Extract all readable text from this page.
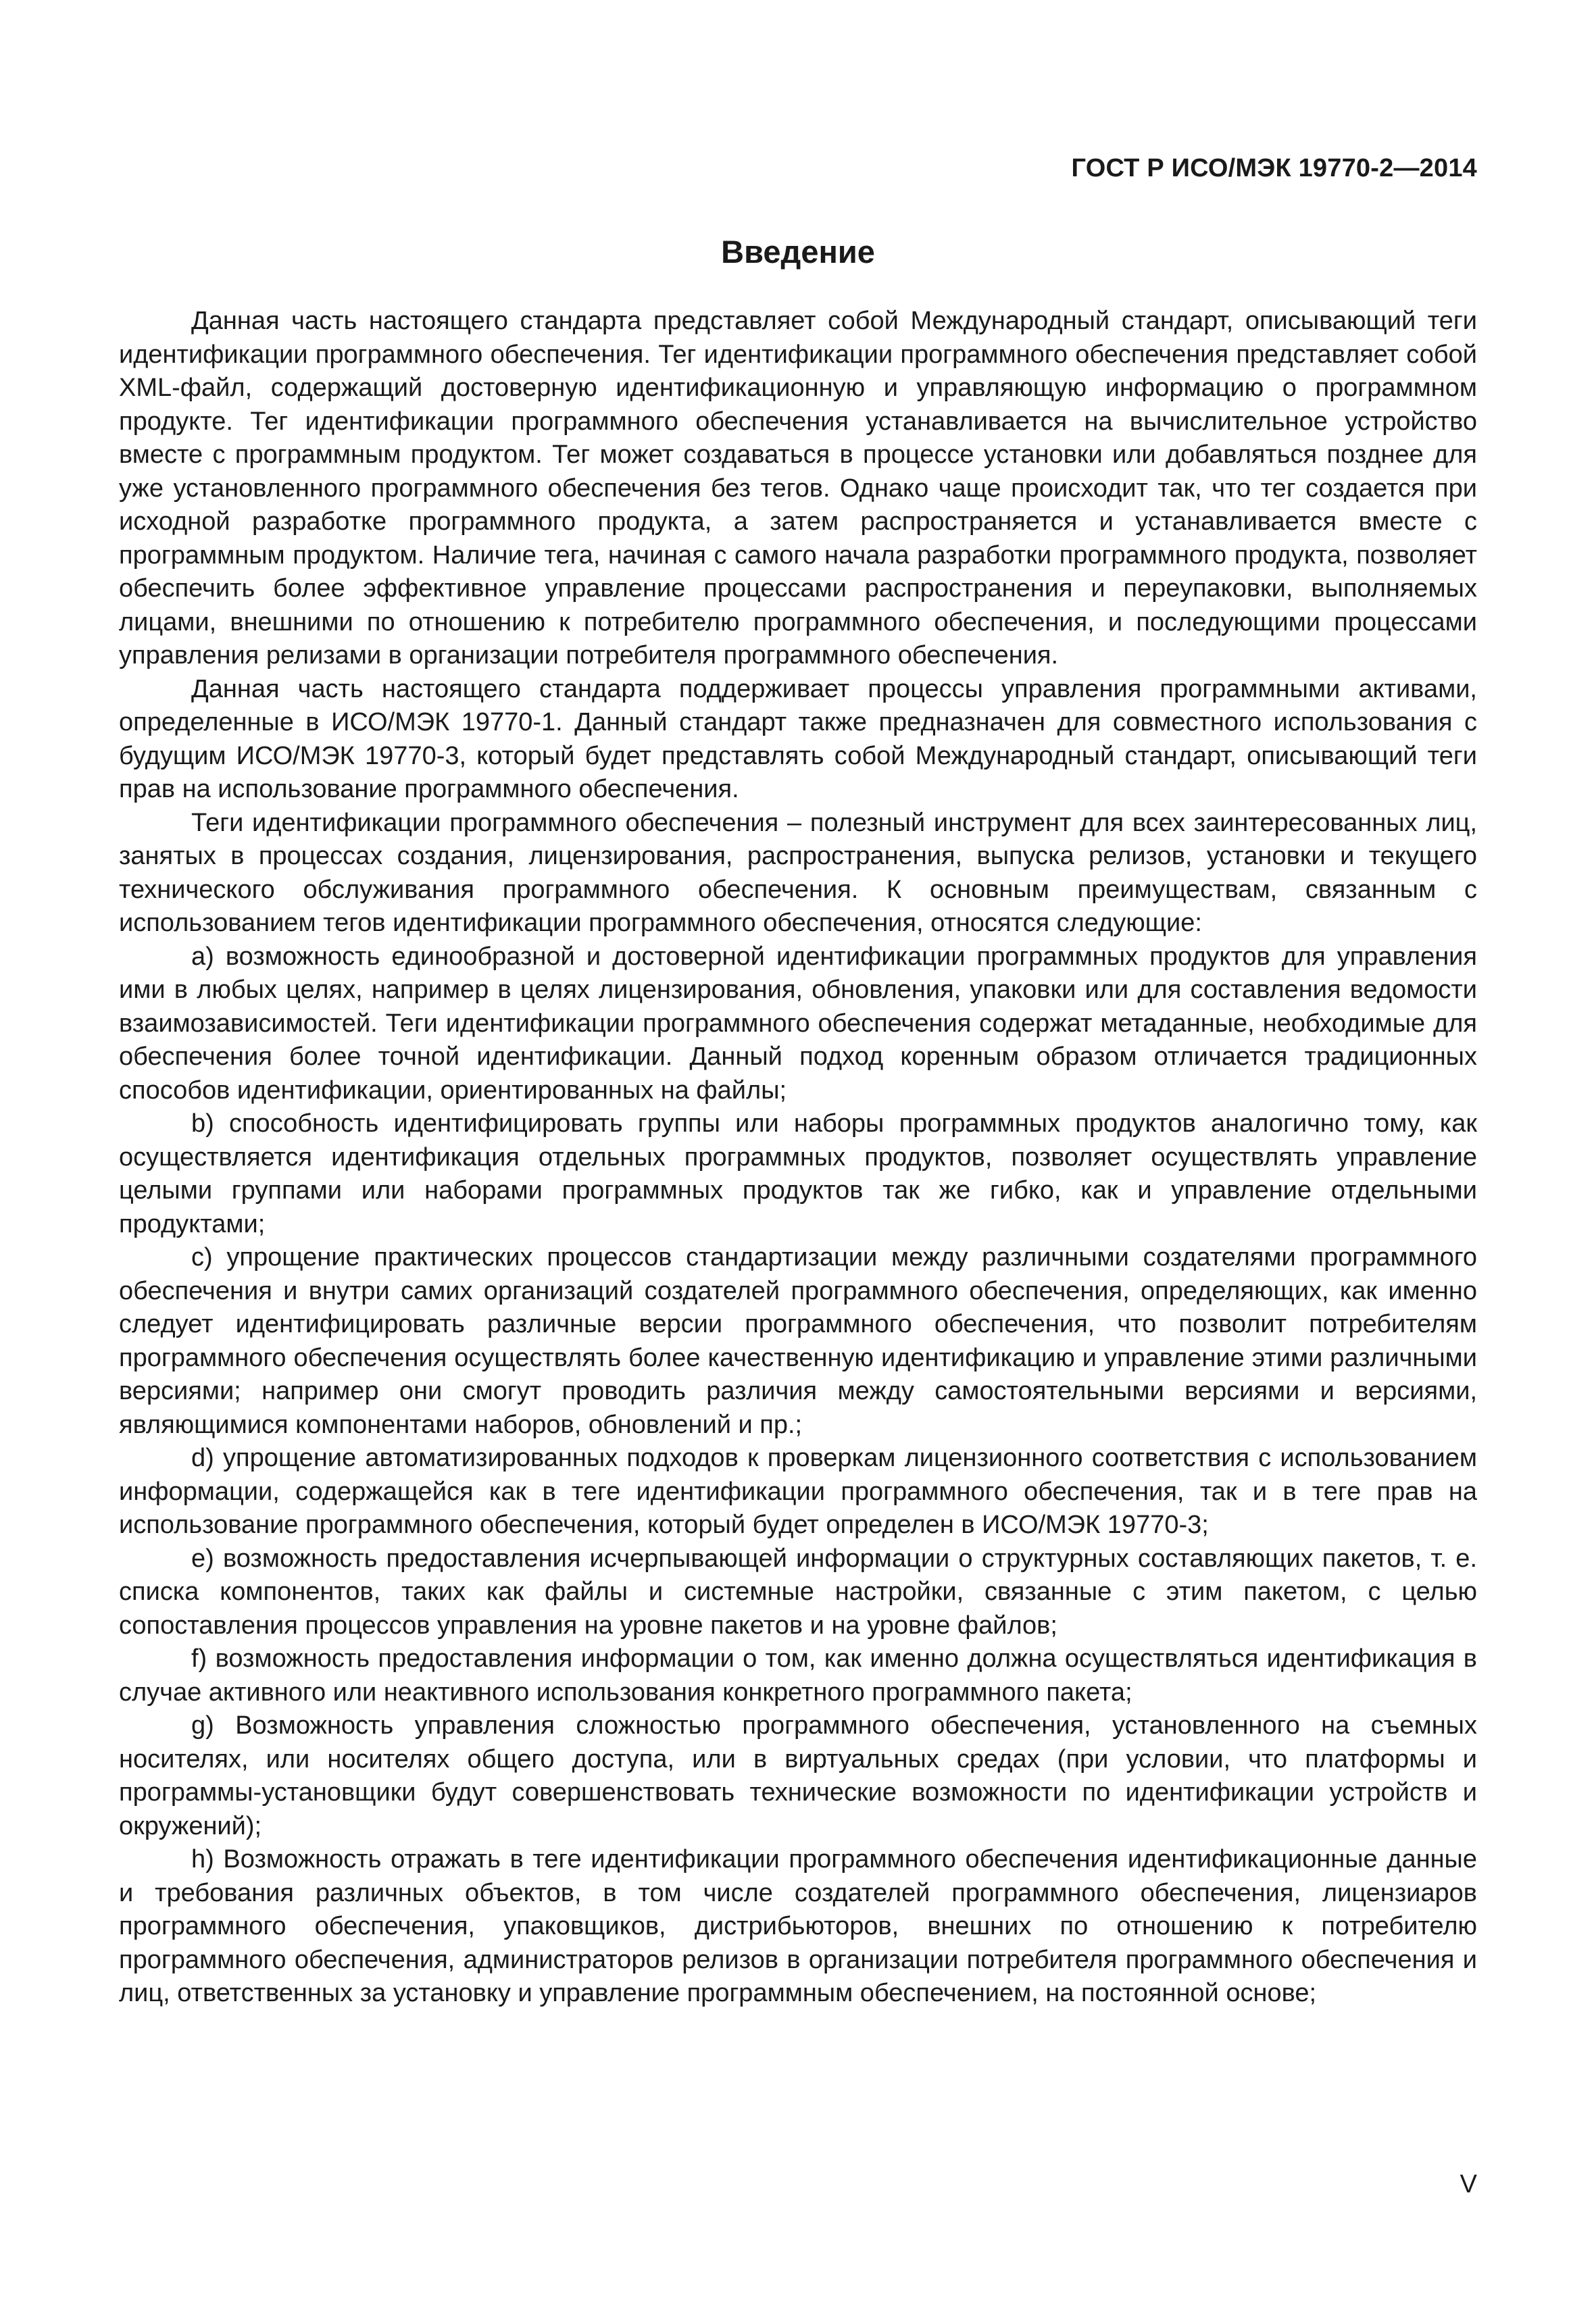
ГОСТ Р ИСО/МЭК 19770-2—2014
Введение

Данная часть настоящего стандарта представляет собой Международный стандарт, описывающий теги идентификации программного обеспечения. Тег идентификации программного обеспечения представляет собой XML-файл, содержащий достоверную идентификационную и управляющую информацию о программном продукте. Тег идентификации программного обеспечения устанавливается на вычислительное устройство вместе с программным продуктом. Тег может создаваться в процессе установки или добавляться позднее для уже установленного программного обеспечения без тегов. Однако чаще происходит так, что тег создается при исходной разработке программного продукта, а затем распространяется и устанавливается вместе с программным продуктом. Наличие тега, начиная с самого начала разработки программного продукта, позволяет обеспечить более эффективное управление процессами распространения и переупаковки, выполняемых лицами, внешними по отношению к потребителю программного обеспечения, и последующими процессами управления релизами в организации потребителя программного обеспечения.

Данная часть настоящего стандарта поддерживает процессы управления программными активами, определенные в ИСО/МЭК 19770-1. Данный стандарт также предназначен для совместного использования с будущим ИСО/МЭК 19770-3, который будет представлять собой Международный стандарт, описывающий теги прав на использование программного обеспечения.

Теги идентификации программного обеспечения – полезный инструмент для всех заинтересованных лиц, занятых в процессах создания, лицензирования, распространения, выпуска релизов, установки и текущего технического обслуживания программного обеспечения. К основным преимуществам, связанным с использованием тегов идентификации программного обеспечения, относятся следующие:

a) возможность единообразной и достоверной идентификации программных продуктов для управления ими в любых целях, например в целях лицензирования, обновления, упаковки или для составления ведомости взаимозависимостей. Теги идентификации программного обеспечения содержат метаданные, необходимые для обеспечения более точной идентификации. Данный подход коренным образом отличается традиционных способов идентификации, ориентированных на файлы;

b) способность идентифицировать группы или наборы программных продуктов аналогично тому, как осуществляется идентификация отдельных программных продуктов, позволяет осуществлять управление целыми группами или наборами программных продуктов так же гибко, как и управление отдельными продуктами;

c) упрощение практических процессов стандартизации между различными создателями программного обеспечения и внутри самих организаций создателей программного обеспечения, определяющих, как именно следует идентифицировать различные версии программного обеспечения, что позволит потребителям программного обеспечения осуществлять более качественную идентификацию и управление этими различными версиями; например они смогут проводить различия между самостоятельными версиями и версиями, являющимися компонентами наборов, обновлений и пр.;

d) упрощение автоматизированных подходов к проверкам лицензионного соответствия с использованием информации, содержащейся как в теге идентификации программного обеспечения, так и в теге прав на использование программного обеспечения, который будет определен в ИСО/МЭК 19770-3;

e) возможность предоставления исчерпывающей информации о структурных составляющих пакетов, т. е. списка компонентов, таких как файлы и системные настройки, связанные с этим пакетом, с целью сопоставления процессов управления на уровне пакетов и на уровне файлов;

f) возможность предоставления информации о том, как именно должна осуществляться идентификация в случае активного или неактивного использования конкретного программного пакета;

g) Возможность управления сложностью программного обеспечения, установленного на съемных носителях, или носителях общего доступа, или в виртуальных средах (при условии, что платформы и программы-установщики будут совершенствовать технические возможности по идентификации устройств и окружений);

h) Возможность отражать в теге идентификации программного обеспечения идентификационные данные и требования различных объектов, в том числе создателей программного обеспечения, лицензиаров программного обеспечения, упаковщиков, дистрибьюторов, внешних по отношению к потребителю программного обеспечения, администраторов релизов в организации потребителя программного обеспечения и лиц, ответственных за установку и управление программным обеспечением, на постоянной основе;

V
